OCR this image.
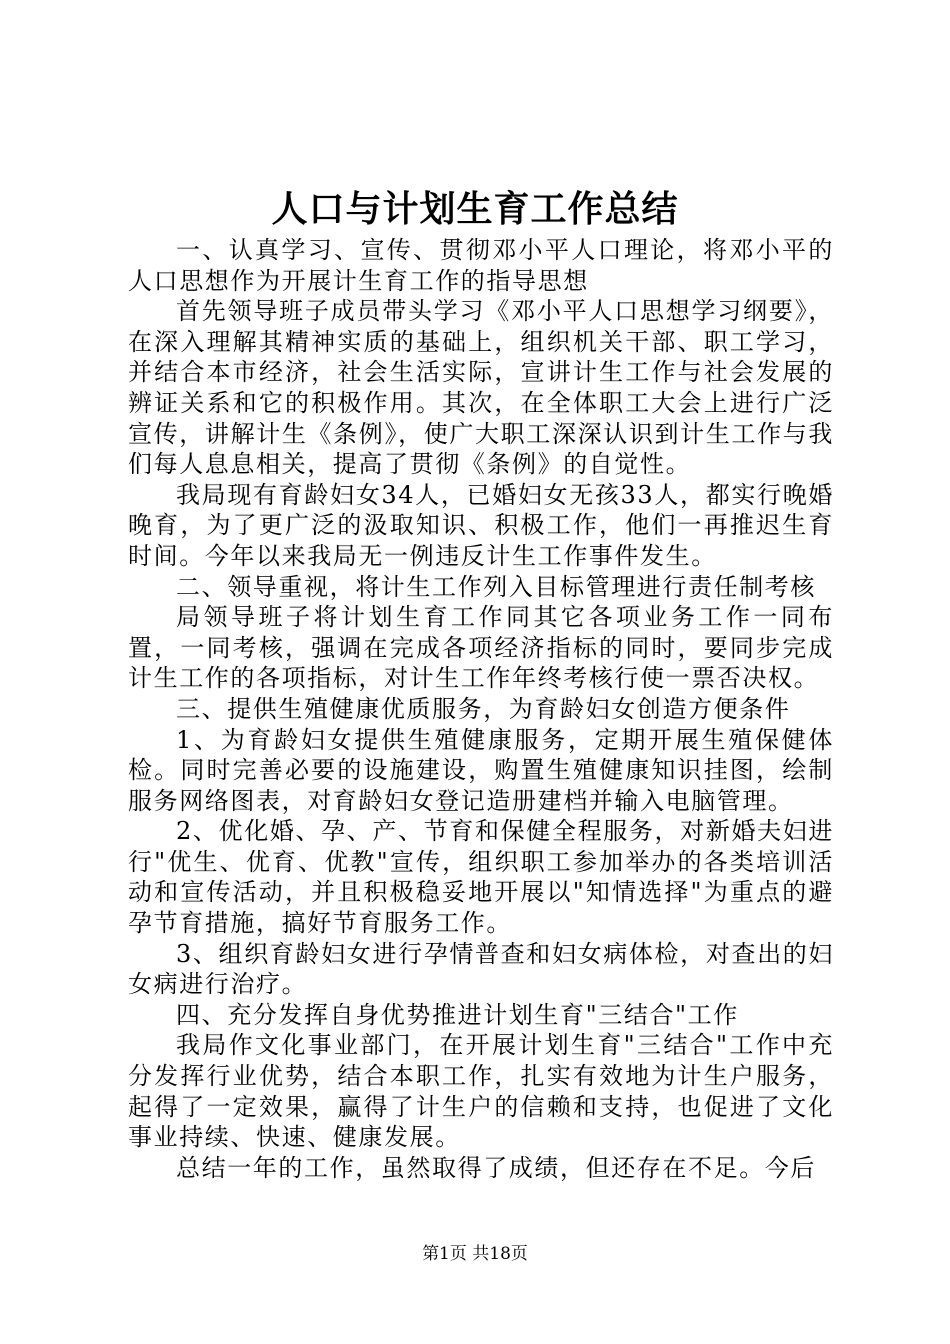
人口与计划生育工作总结

一、认真学习、宣传、贯彻邓小平人口理论，将邓小平的人口思想作为开展计生育工作的指导思想

首先领导班子成员带头学习《邓小平人口思想学习纲要》，在深入理解其精神实质的基础上，组织机关干部、职工学习，并结合本市经济，社会生活实际，宣讲计生工作与社会发展的辨证关系和它的积极作用。其次，在全体职工大会上进行广泛宣传，讲解计生《条例》，使广大职工深深认识到计生工作与我们每人息息相关，提高了贯彻《条例》的自觉性。

我局现有育龄妇女34人，已婚妇女无孩33人，都实行晚婚晚育，为了更广泛的汲取知识、积极工作，他们一再推迟生育时间。今年以来我局无一例违反计生工作事件发生。

二、领导重视，将计生工作列入目标管理进行责任制考核

局领导班子将计划生育工作同其它各项业务工作一同布置，一同考核，强调在完成各项经济指标的同时，要同步完成计生工作的各项指标，对计生工作年终考核行使一票否决权。

三、提供生殖健康优质服务，为育龄妇女创造方便条件

1、为育龄妇女提供生殖健康服务，定期开展生殖保健体检。同时完善必要的设施建设，购置生殖健康知识挂图，绘制服务网络图表，对育龄妇女登记造册建档并输入电脑管理。

2、优化婚、孕、产、节育和保健全程服务，对新婚夫妇进行"优生、优育、优教"宣传，组织职工参加举办的各类培训活动和宣传活动，并且积极稳妥地开展以"知情选择"为重点的避孕节育措施，搞好节育服务工作。

3、组织育龄妇女进行孕情普查和妇女病体检，对查出的妇女病进行治疗。

四、充分发挥自身优势推进计划生育"三结合"工作

我局作文化事业部门，在开展计划生育"三结合"工作中充分发挥行业优势，结合本职工作，扎实有效地为计生户服务，起得了一定效果，赢得了计生户的信赖和支持，也促进了文化事业持续、快速、健康发展。

总结一年的工作，虽然取得了成绩，但还存在不足。今后

第1页 共18页
